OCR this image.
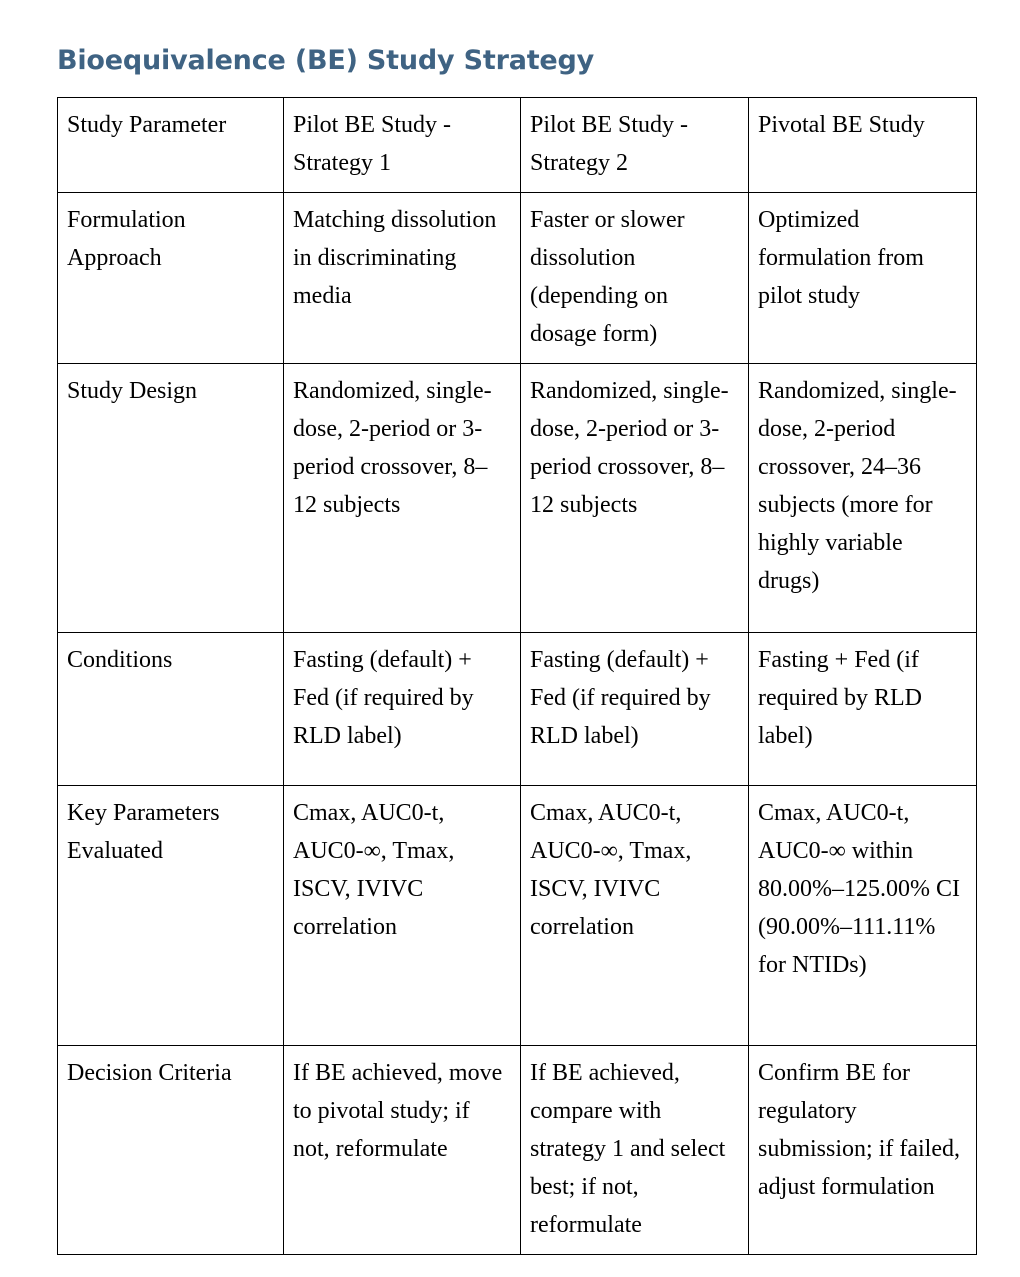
Bioequivalence (BE) Study Strategy
Study Parameter	Pilot BE Study - Strategy 1	Pilot BE Study - Strategy 2	Pivotal BE Study
Formulation Approach	Matching dissolution in discriminating media	Faster or slower dissolution (depending on dosage form)	Optimized formulation from pilot study
Study Design	Randomized, single-dose, 2-period or 3-period crossover, 8–12 subjects	Randomized, single-dose, 2-period or 3-period crossover, 8–12 subjects	Randomized, single-dose, 2-period crossover, 24–36 subjects (more for highly variable drugs)
Conditions	Fasting (default) + Fed (if required by RLD label)	Fasting (default) + Fed (if required by RLD label)	Fasting + Fed (if required by RLD label)
Key Parameters Evaluated	Cmax, AUC0-t, AUC0-∞, Tmax, ISCV, IVIVC correlation	Cmax, AUC0-t, AUC0-∞, Tmax, ISCV, IVIVC correlation	Cmax, AUC0-t, AUC0-∞ within 80.00%–125.00% CI (90.00%–111.11% for NTIDs)
Decision Criteria	If BE achieved, move to pivotal study; if not, reformulate	If BE achieved, compare with strategy 1 and select best; if not, reformulate	Confirm BE for regulatory submission; if failed, adjust formulation
